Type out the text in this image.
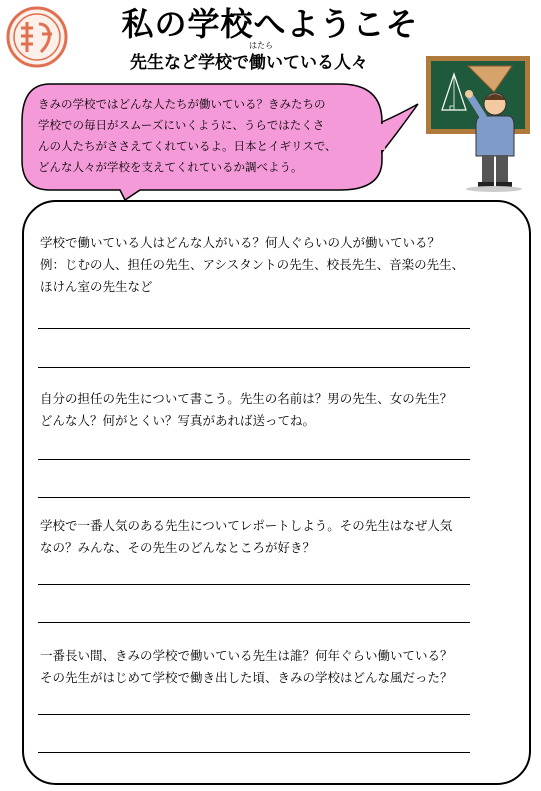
私の学校へようこそ
先生など学校で
はたら
働いている人々
きみの学校ではどんな人たちが働いている？きみたちの
学校での毎日がスムーズにいくように、うらではたくさ
んの人たちがささえてくれているよ。日本とイギリスで、
どんな人々が学校を支えてくれているか調べよう。
学校で働いている人はどんな人がいる？何人ぐらいの人が働いている？
例：じむの人、担任の先生、アシスタントの先生、校長先生、音楽の先生、
ほけん室の先生など
自分の担任の先生について書こう。先生の名前は？男の先生、女の先生？
どんな人？何がとくい？写真があれば送ってね。
学校で一番人気のある先生についてレポートしよう。その先生はなぜ人気
なの？みんな、その先生のどんなところが好き？
一番長い間、きみの学校で働いている先生は誰？何年ぐらい働いている？
その先生がはじめて学校で働き出した頃、きみの学校はどんな風だった？
